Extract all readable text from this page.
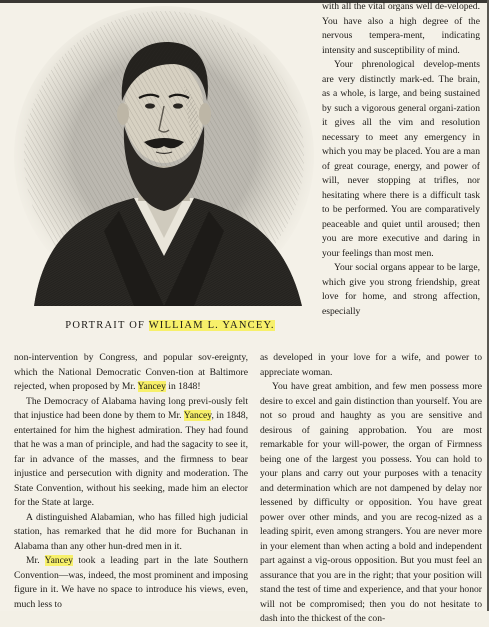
PORTRAIT OF WILLIAM L. YANCEY.

with all the vital organs well de-veloped. You have also a high degree of the nervous tempera-ment, indicating intensity and susceptibility of mind.

Your phrenological develop-ments are very distinctly mark-ed. The brain, as a whole, is large, and being sustained by such a vigorous general organi-zation it gives all the vim and resolution necessary to meet any emergency in which you may be placed. You are a man of great courage, energy, and power of will, never stopping at trifles, nor hesitating where there is a difficult task to be performed. You are comparatively peaceable and quiet until aroused; then you are more executive and daring in your feelings than most men.

Your social organs appear to be large, which give you strong friendship, great love for home, and strong affection, especially

non-intervention by Congress, and popular sov-ereignty, which the National Democratic Conven-tion at Baltimore rejected, when proposed by Mr. Yancey in 1848!

The Democracy of Alabama having long previ-ously felt that injustice had been done by them to Mr. Yancey, in 1848, entertained for him the highest admiration. They had found that he was a man of principle, and had the sagacity to see it, far in advance of the masses, and the firmness to bear injustice and persecution with dignity and moderation. The State Convention, without his seeking, made him an elector for the State at large.

A distinguished Alabamian, who has filled high judicial station, has remarked that he did more for Buchanan in Alabama than any other hun-dred men in it.

Mr. Yancey took a leading part in the late Southern Convention—was, indeed, the most prominent and imposing figure in it. We have no space to introduce his views, even, much less to

as developed in your love for a wife, and power to appreciate woman.

You have great ambition, and few men possess more desire to excel and gain distinction than yourself. You are not so proud and haughty as you are sensitive and desirous of gaining approbation. You are most remarkable for your will-power, the organ of Firmness being one of the largest you possess. You can hold to your plans and carry out your purposes with a tenacity and determination which are not dampened by delay nor lessened by difficulty or opposition. You have great power over other minds, and you are recog-nized as a leading spirit, even among strangers. You are never more in your element than when acting a bold and independent part against a vig-orous opposition. But you must feel an assurance that you are in the right; that your position will stand the test of time and experience, and that your honor will not be compromised; then you do not hesitate to dash into the thickest of the con-
